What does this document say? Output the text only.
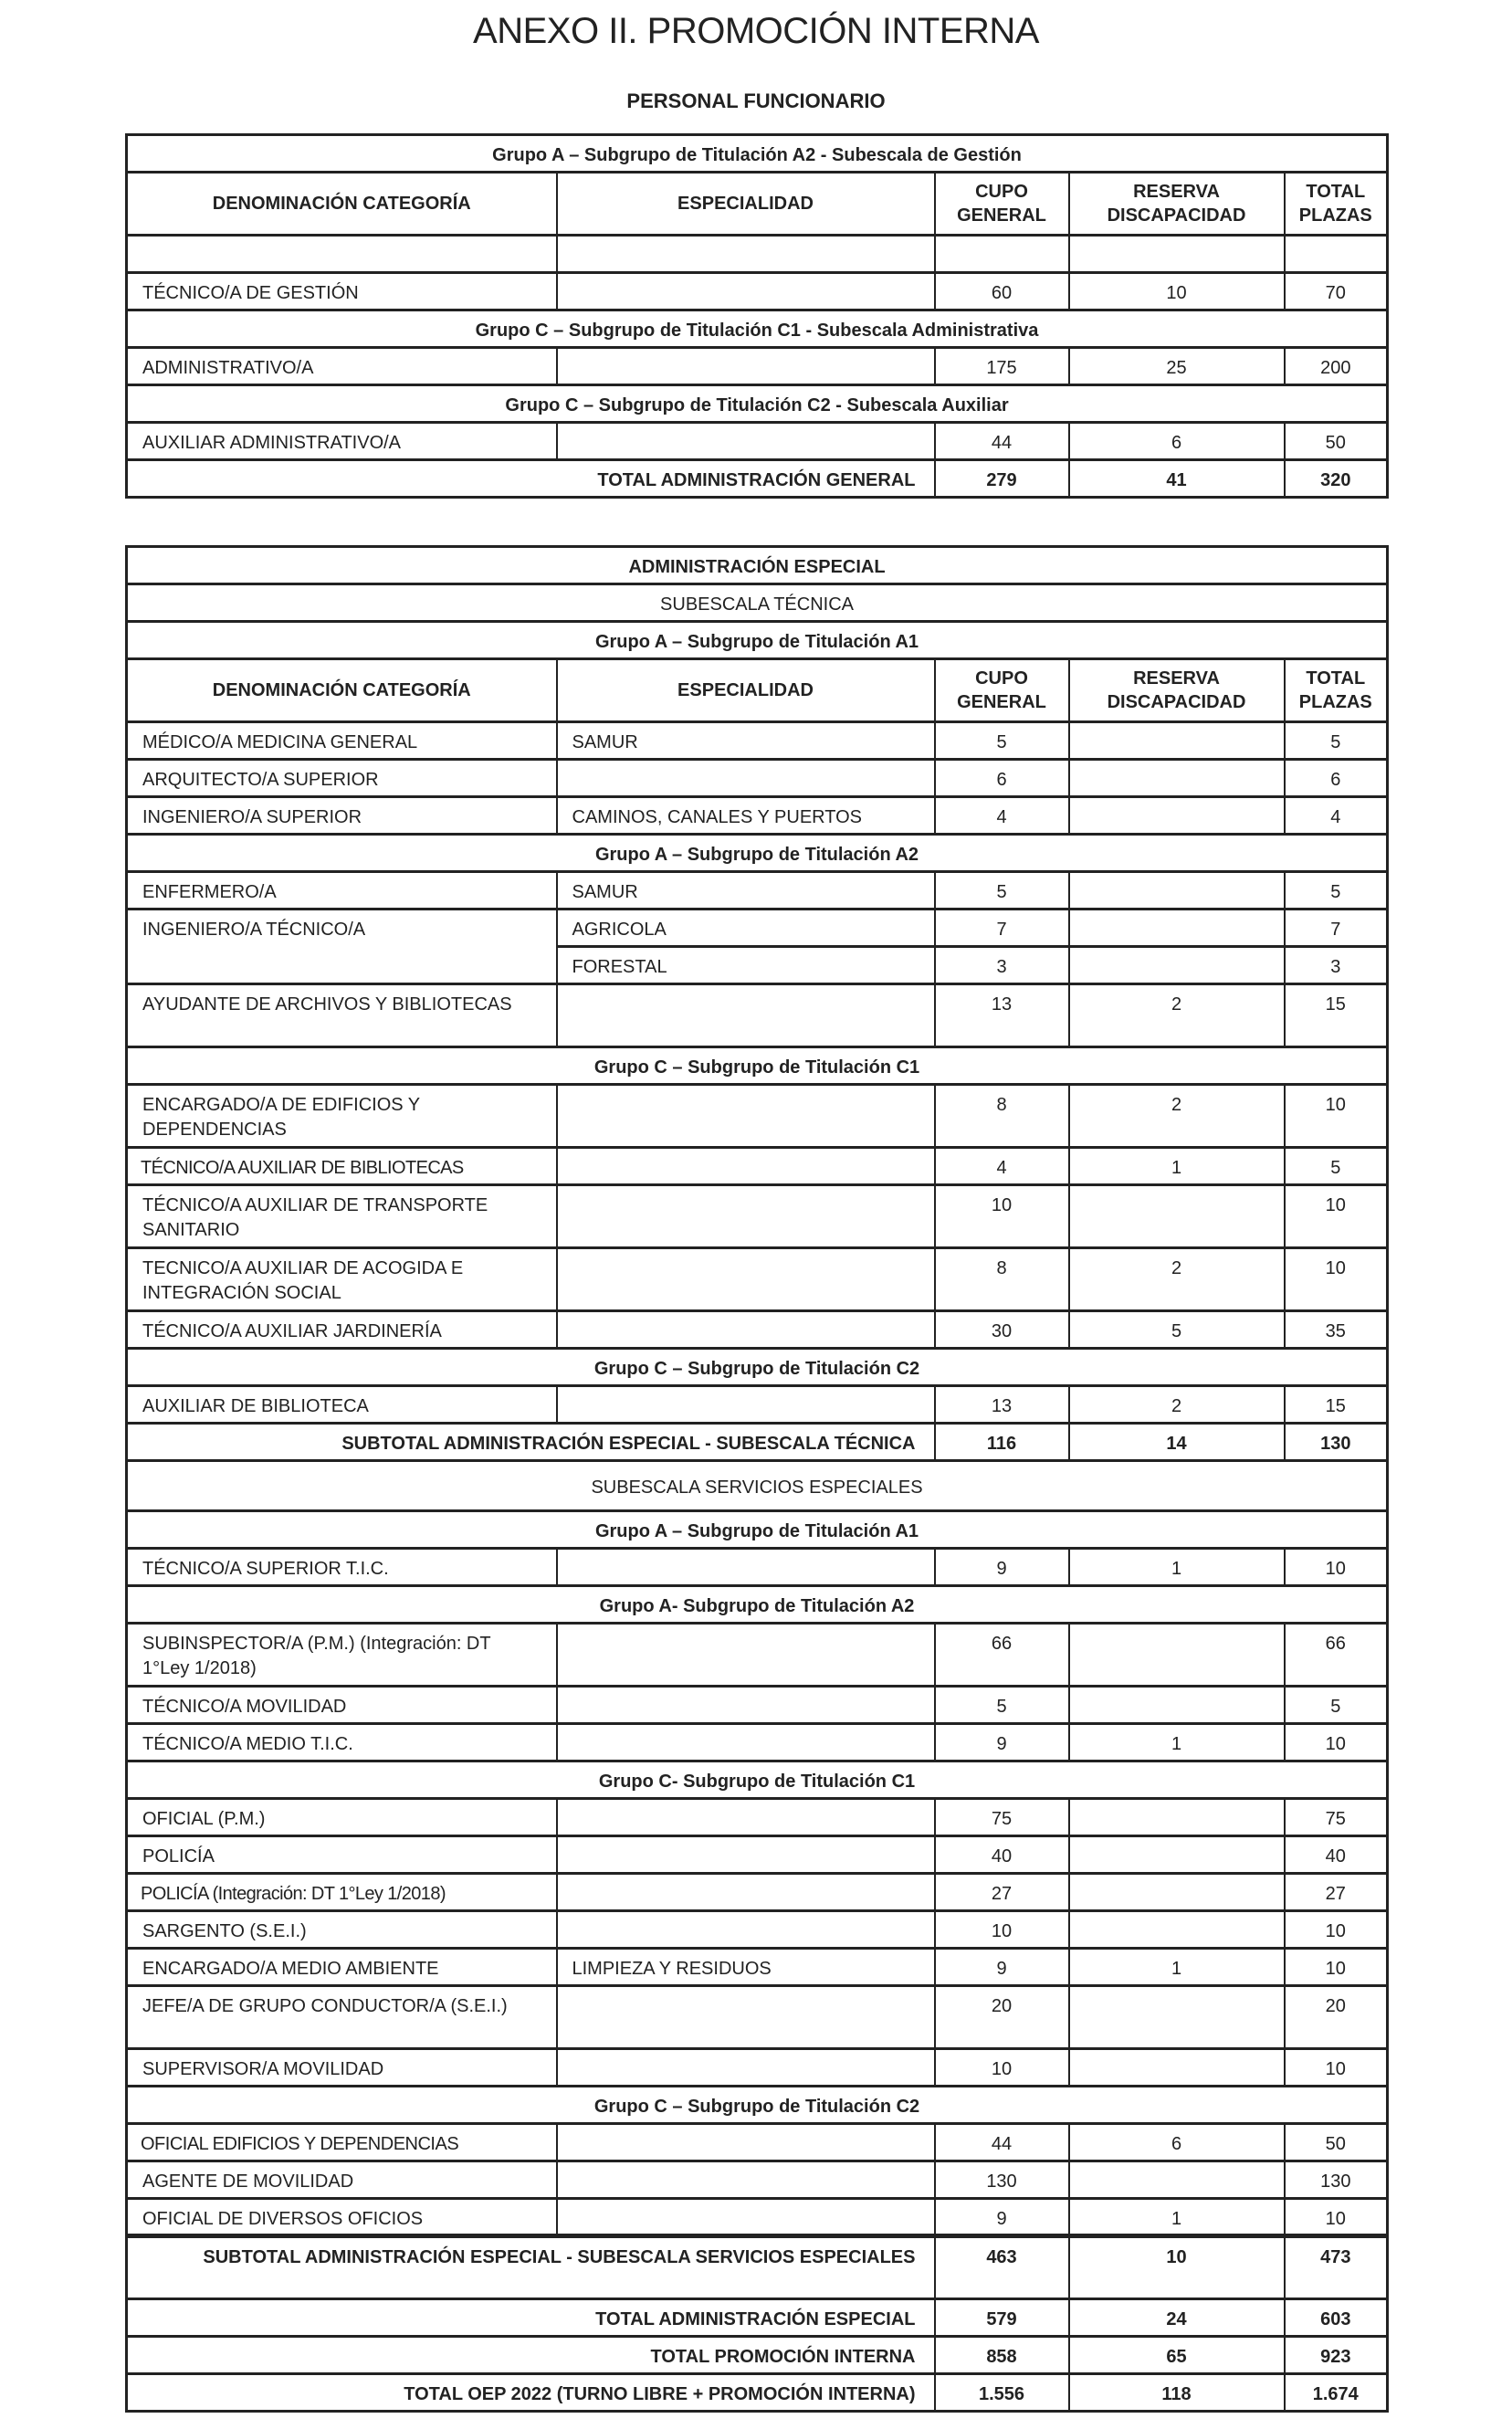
ANEXO II. PROMOCIÓN INTERNA
PERSONAL FUNCIONARIO
Grupo A – Subgrupo de Titulación A2 - Subescala de Gestión				
DENOMINACIÓN CATEGORÍA	ESPECIALIDAD	CUPO GENERAL	RESERVA DISCAPACIDAD	TOTAL PLAZAS

TÉCNICO/A DE GESTIÓN		60	10	70
Grupo C – Subgrupo de Titulación C1 - Subescala Administrativa				
ADMINISTRATIVO/A		175	25	200
Grupo C – Subgrupo de Titulación C2 - Subescala Auxiliar				
AUXILIAR ADMINISTRATIVO/A		44	6	50
TOTAL ADMINISTRACIÓN GENERAL		279	41	320
ADMINISTRACIÓN ESPECIAL				
SUBESCALA TÉCNICA				
Grupo A – Subgrupo de Titulación A1				
DENOMINACIÓN CATEGORÍA	ESPECIALIDAD	CUPO GENERAL	RESERVA DISCAPACIDAD	TOTAL PLAZAS
MÉDICO/A MEDICINA GENERAL	SAMUR	5		5
ARQUITECTO/A SUPERIOR		6		6
INGENIERO/A SUPERIOR	CAMINOS, CANALES Y PUERTOS	4		4
Grupo A – Subgrupo de Titulación A2				
ENFERMERO/A	SAMUR	5		5
INGENIERO/A TÉCNICO/A	AGRICOLA	7		7
	FORESTAL	3		3
AYUDANTE DE ARCHIVOS Y BIBLIOTECAS		13	2	15
Grupo C – Subgrupo de Titulación C1				
ENCARGADO/A DE EDIFICIOS Y DEPENDENCIAS		8	2	10
TÉCNICO/A AUXILIAR DE BIBLIOTECAS		4	1	5
TÉCNICO/A AUXILIAR DE TRANSPORTE SANITARIO		10		10
TECNICO/A AUXILIAR DE ACOGIDA E INTEGRACIÓN SOCIAL		8	2	10
TÉCNICO/A AUXILIAR JARDINERÍA		30	5	35
Grupo C – Subgrupo de Titulación C2				
AUXILIAR DE BIBLIOTECA		13	2	15
SUBTOTAL ADMINISTRACIÓN ESPECIAL - SUBESCALA TÉCNICA		116	14	130
SUBESCALA SERVICIOS ESPECIALES				
Grupo A – Subgrupo de Titulación A1				
TÉCNICO/A SUPERIOR T.I.C.		9	1	10
Grupo A- Subgrupo de Titulación A2				
SUBINSPECTOR/A (P.M.) (Integración: DT 1°Ley 1/2018)		66		66
TÉCNICO/A MOVILIDAD		5		5
TÉCNICO/A MEDIO T.I.C.		9	1	10
Grupo C- Subgrupo de Titulación C1				
OFICIAL (P.M.)		75		75
POLICÍA		40		40
POLICÍA (Integración: DT 1°Ley 1/2018)		27		27
SARGENTO (S.E.I.)		10		10
ENCARGADO/A MEDIO AMBIENTE	LIMPIEZA Y RESIDUOS	9	1	10
JEFE/A DE GRUPO CONDUCTOR/A (S.E.I.)		20		20
SUPERVISOR/A MOVILIDAD		10		10
Grupo C – Subgrupo de Titulación C2				
OFICIAL EDIFICIOS Y DEPENDENCIAS		44	6	50
AGENTE DE MOVILIDAD		130		130
OFICIAL DE DIVERSOS OFICIOS		9	1	10
SUBTOTAL ADMINISTRACIÓN ESPECIAL - SUBESCALA SERVICIOS ESPECIALES		463	10	473
TOTAL ADMINISTRACIÓN ESPECIAL		579	24	603
TOTAL PROMOCIÓN INTERNA		858	65	923
TOTAL OEP 2022 (TURNO LIBRE + PROMOCIÓN INTERNA)		1.556	118	1.674
